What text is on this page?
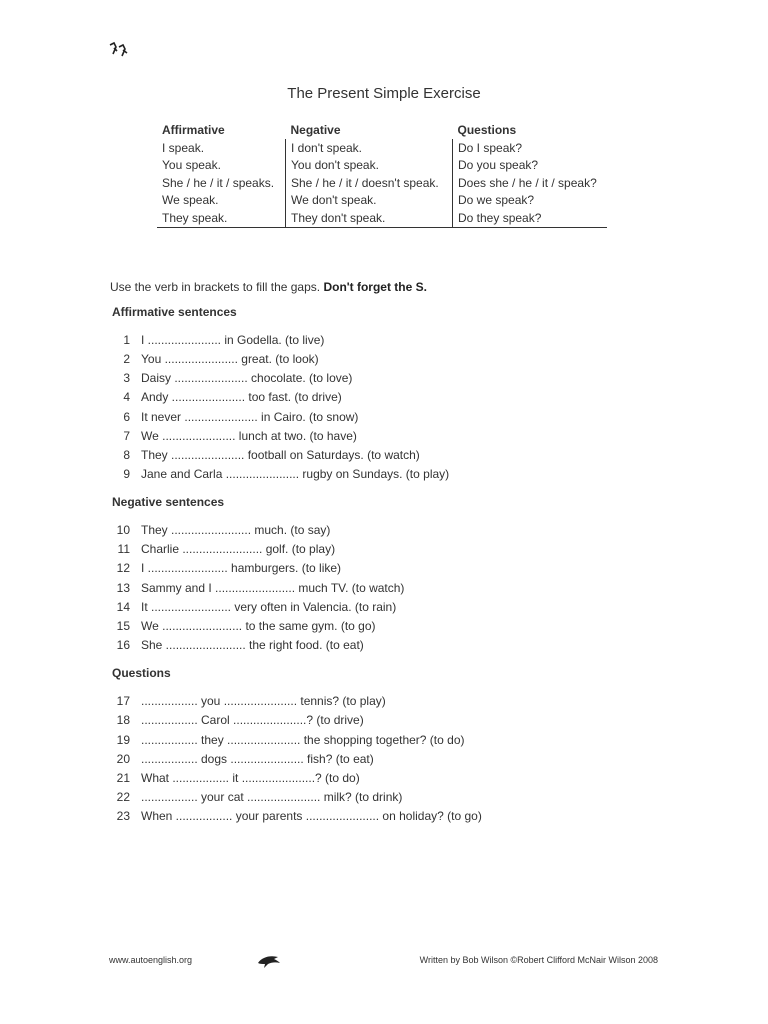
The Present Simple Exercise
Affirmative	Negative	Questions
I speak.	I don't speak.	Do I speak?
You speak.	You don't speak.	Do you speak?
She / he / it / speaks.	She / he / it / doesn't speak.	Does she / he / it / speak?
We speak.	We don't speak.	Do we speak?
They speak.	They don't speak.	Do they speak?
Use the verb in brackets to fill the gaps. Don't forget the S.
Affirmative sentences
1 I ...................... in Godella. (to live)
2 You ...................... great. (to look)
3 Daisy ...................... chocolate. (to love)
4 Andy ...................... too fast. (to drive)
6 It never ...................... in Cairo. (to snow)
7 We ...................... lunch at two. (to have)
8 They ...................... football on Saturdays. (to watch)
9 Jane and Carla ...................... rugby on Sundays. (to play)
Negative sentences
10 They ........................ much. (to say)
11 Charlie ........................ golf. (to play)
12 I ........................ hamburgers. (to like)
13 Sammy and I ........................ much TV. (to watch)
14 It ........................ very often in Valencia. (to rain)
15 We ........................ to the same gym. (to go)
16 She ........................ the right food. (to eat)
Questions
17 ................. you ...................... tennis? (to play)
18 ................. Carol ......................? (to drive)
19 ................. they ...................... the shopping together? (to do)
20 ................. dogs ...................... fish? (to eat)
21 What ................. it ......................? (to do)
22 ................. your cat ...................... milk? (to drink)
23 When ................. your parents ...................... on holiday? (to go)
www.autoenglish.org	Written by Bob Wilson ©Robert Clifford McNair Wilson 2008
